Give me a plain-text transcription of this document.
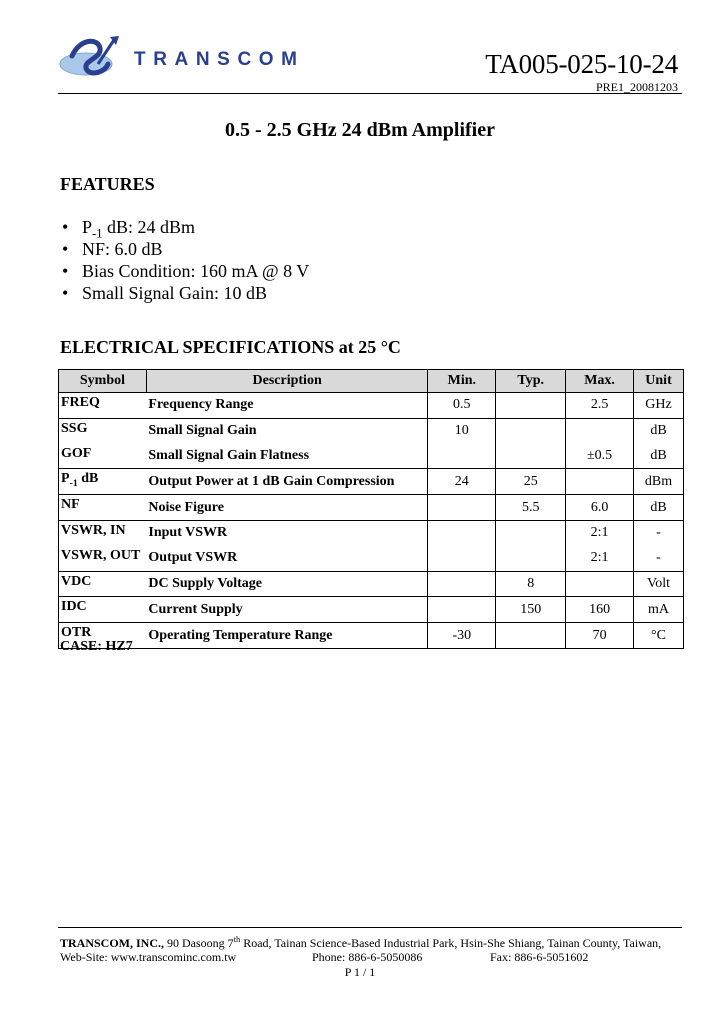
TRANSCOM	TA005-025-10-24
PRE1_20081203
0.5 - 2.5 GHz 24 dBm Amplifier
FEATURES
• $P_{-1}$ dB: 24 dBm
• NF: 6.0 dB
• Bias Condition: 160 mA @ 8 V
• Small Signal Gain: 10 dB
ELECTRICAL SPECIFICATIONS at 25 °C
Symbol	Description	Min.	Typ.	Max.	Unit
FREQ	Frequency Range	0.5		2.5	GHz
SSG	Small Signal Gain	10			dB
GOF	Small Signal Gain Flatness			±0.5	dB
$P_{-1}$ dB	Output Power at 1 dB Gain Compression	24	25		dBm
NF	Noise Figure		5.5	6.0	dB
VSWR, IN	Input VSWR			2:1	-
VSWR, OUT	Output VSWR			2:1	-
VDC	DC Supply Voltage		8		Volt
IDC	Current Supply		150	160	mA
OTR	Operating Temperature Range	-30		70	°C
CASE: HZ7
TRANSCOM, INC., 90 Dasoong 7th Road, Tainan Science-Based Industrial Park, Hsin-She Shiang, Tainan County, Taiwan,
Web-Site: www.transcominc.com.tw	Phone: 886-6-5050086	Fax: 886-6-5051602
P 1 / 1
